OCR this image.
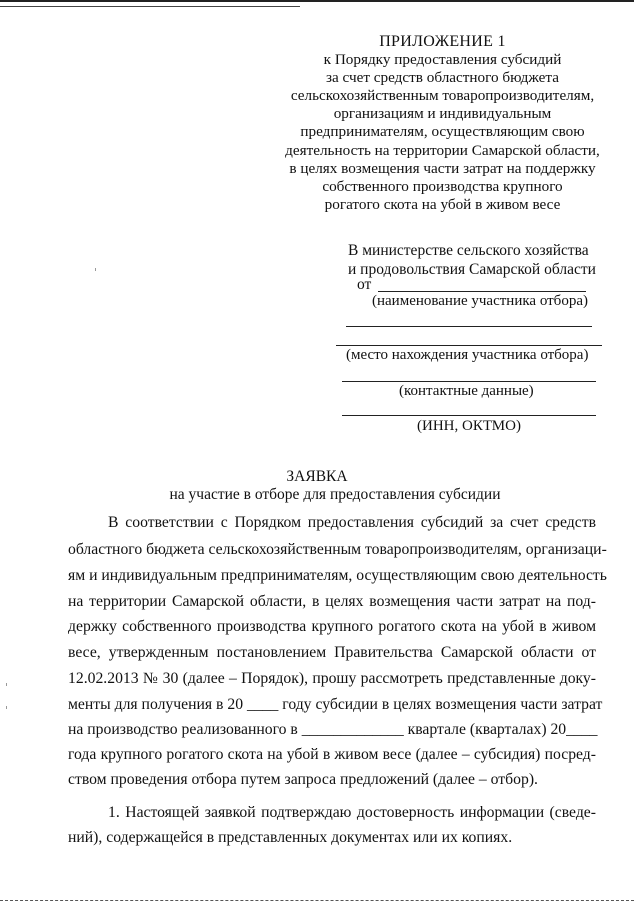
ПРИЛОЖЕНИЕ 1
к Порядку предоставления субсидий
за счет средств областного бюджета
сельскохозяйственным товаропроизводителям,
организациям и индивидуальным
предпринимателям, осуществляющим свою
деятельность на территории Самарской области,
в целях возмещения части затрат на поддержку
собственного производства крупного
рогатого скота на убой в живом весе
В министерстве сельского хозяйства
и продовольствия Самарской области
от
(наименование участника отбора)
(место нахождения участника отбора)
(контактные данные)
(ИНН, ОКТМО)
ЗАЯВКА
на участие в отборе для предоставления субсидии
В соответствии с Порядком предоставления субсидий за счет средств
областного бюджета сельскохозяйственным товаропроизводителям, организаци-
ям и индивидуальным предпринимателям, осуществляющим свою деятельность
на территории Самарской области, в целях возмещения части затрат на под-
держку собственного производства крупного рогатого скота на убой в живом
весе, утвержденным постановлением Правительства Самарской области от
12.02.2013 № 30 (далее – Порядок), прошу рассмотреть представленные доку-
менты для получения в 20 ____ году субсидии в целях возмещения части затрат
на производство реализованного в _____________ квартале (кварталах) 20____
года крупного рогатого скота на убой в живом весе (далее – субсидия) посред-
ством проведения отбора путем запроса предложений (далее – отбор).
1. Настоящей заявкой подтверждаю достоверность информации (сведе-
ний), содержащейся в представленных документах или их копиях.
